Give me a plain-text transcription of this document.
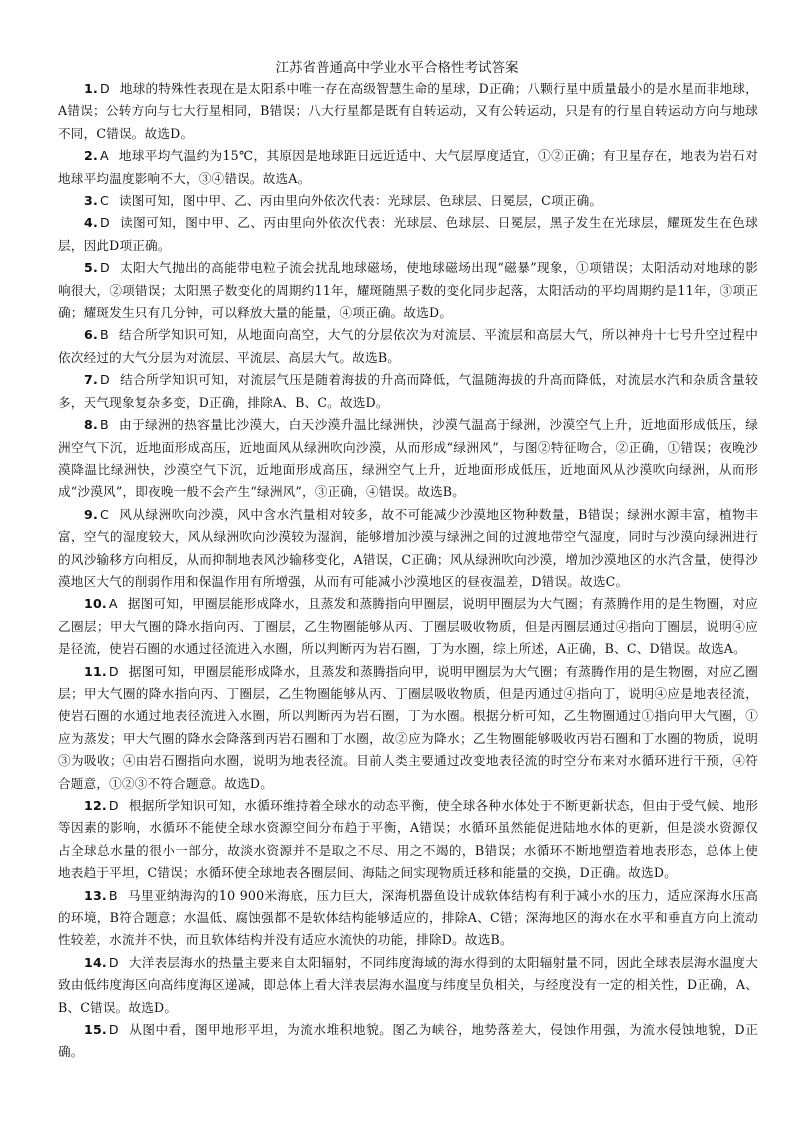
江苏省普通高中学业水平合格性考试答案

1. D 地球的特殊性表现在是太阳系中唯一存在高级智慧生命的星球，D正确；八颗行星中质量最小的是水星而非地球，A错误；公转方向与七大行星相同，B错误；八大行星都是既有自转运动，又有公转运动，只是有的行星自转运动方向与地球不同，C错误。故选D。

2. A 地球平均气温约为15℃，其原因是地球距日远近适中、大气层厚度适宜，①②正确；有卫星存在，地表为岩石对地球平均温度影响不大，③④错误。故选A。

3. C 读图可知，图中甲、乙、丙由里向外依次代表：光球层、色球层、日冕层，C项正确。

4. D 读图可知，图中甲、乙、丙由里向外依次代表：光球层、色球层、日冕层，黑子发生在光球层，耀斑发生在色球层，因此D项正确。

5. D 太阳大气抛出的高能带电粒子流会扰乱地球磁场，使地球磁场出现“磁暴”现象，①项错误；太阳活动对地球的影响很大，②项错误；太阳黑子数变化的周期约11年，耀斑随黑子数的变化同步起落，太阳活动的平均周期约是11年，③项正确；耀斑发生只有几分钟，可以释放大量的能量，④项正确。故选D。

6. B 结合所学知识可知，从地面向高空，大气的分层依次为对流层、平流层和高层大气，所以神舟十七号升空过程中依次经过的大气分层为对流层、平流层、高层大气。故选B。

7. D 结合所学知识可知，对流层气压是随着海拔的升高而降低，气温随海拔的升高而降低，对流层水汽和杂质含量较多，天气现象复杂多变，D正确，排除A、B、C。故选D。

8. B 由于绿洲的热容量比沙漠大，白天沙漠升温比绿洲快，沙漠气温高于绿洲，沙漠空气上升，近地面形成低压，绿洲空气下沉，近地面形成高压，近地面风从绿洲吹向沙漠，从而形成“绿洲风”，与图②特征吻合，②正确，①错误；夜晚沙漠降温比绿洲快，沙漠空气下沉，近地面形成高压，绿洲空气上升，近地面形成低压，近地面风从沙漠吹向绿洲，从而形成“沙漠风”，即夜晚一般不会产生“绿洲风”，③正确，④错误。故选B。

9. C 风从绿洲吹向沙漠，风中含水汽量相对较多，故不可能减少沙漠地区物种数量，B错误；绿洲水源丰富，植物丰富，空气的湿度较大，风从绿洲吹向沙漠较为湿润，能够增加沙漠与绿洲之间的过渡地带空气湿度，同时与沙漠向绿洲进行的风沙输移方向相反，从而抑制地表风沙输移变化，A错误，C正确；风从绿洲吹向沙漠，增加沙漠地区的水汽含量，使得沙漠地区大气的削弱作用和保温作用有所增强，从而有可能减小沙漠地区的昼夜温差，D错误。故选C。

10. A 据图可知，甲圈层能形成降水，且蒸发和蒸腾指向甲圈层，说明甲圈层为大气圈；有蒸腾作用的是生物圈，对应乙圈层；甲大气圈的降水指向丙、丁圈层，乙生物圈能够从丙、丁圈层吸收物质，但是丙圈层通过④指向丁圈层，说明④应是径流，使岩石圈的水通过径流进入水圈，所以判断丙为岩石圈，丁为水圈，综上所述，A正确，B、C、D错误。故选A。

11. D 据图可知，甲圈层能形成降水，且蒸发和蒸腾指向甲，说明甲圈层为大气圈；有蒸腾作用的是生物圈，对应乙圈层；甲大气圈的降水指向丙、丁圈层，乙生物圈能够从丙、丁圈层吸收物质，但是丙通过④指向丁，说明④应是地表径流，使岩石圈的水通过地表径流进入水圈，所以判断丙为岩石圈，丁为水圈。根据分析可知，乙生物圈通过①指向甲大气圈，①应为蒸发；甲大气圈的降水会降落到丙岩石圈和丁水圈，故②应为降水；乙生物圈能够吸收丙岩石圈和丁水圈的物质，说明③为吸收；④由岩石圈指向水圈，说明为地表径流。目前人类主要通过改变地表径流的时空分布来对水循环进行干预，④符合题意，①②③不符合题意。故选D。

12. D 根据所学知识可知，水循环维持着全球水的动态平衡，使全球各种水体处于不断更新状态，但由于受气候、地形等因素的影响，水循环不能使全球水资源空间分布趋于平衡，A错误；水循环虽然能促进陆地水体的更新，但是淡水资源仅占全球总水量的很小一部分，故淡水资源并不是取之不尽、用之不竭的，B错误；水循环不断地塑造着地表形态，总体上使地表趋于平坦，C错误；水循环使全球地表各圈层间、海陆之间实现物质迁移和能量的交换，D正确。故选D。

13. B 马里亚纳海沟的10 900米海底，压力巨大，深海机器鱼设计成软体结构有利于减小水的压力，适应深海水压高的环境，B符合题意；水温低、腐蚀强都不是软体结构能够适应的，排除A、C错；深海地区的海水在水平和垂直方向上流动性较差，水流并不快，而且软体结构并没有适应水流快的功能，排除D。故选B。

14. D 大洋表层海水的热量主要来自太阳辐射，不同纬度海域的海水得到的太阳辐射量不同，因此全球表层海水温度大致由低纬度海区向高纬度海区递减，即总体上看大洋表层海水温度与纬度呈负相关，与经度没有一定的相关性，D正确，A、B、C错误。故选D。

15. D 从图中看，图甲地形平坦，为流水堆积地貌。图乙为峡谷，地势落差大，侵蚀作用强，为流水侵蚀地貌，D正确。
